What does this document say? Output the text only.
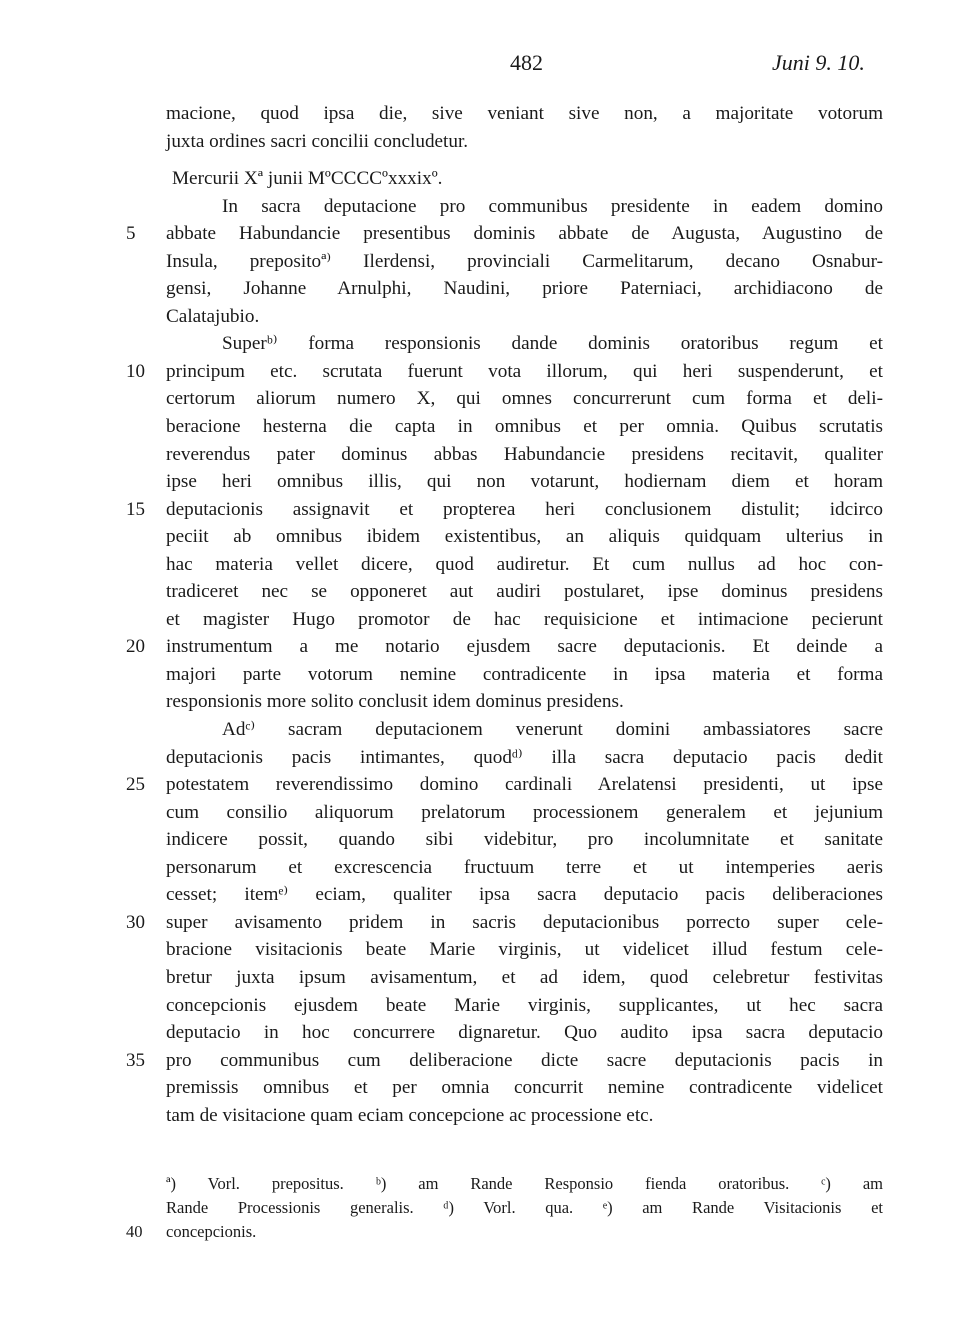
482	Juni 9. 10.
macione, quod ipsa die, sive veniant sive non, a majoritate votorum
juxta ordines sacri concilii concludetur.
Mercurii Xª junii MºCCCCºxxxixº.
In sacra deputacione pro communibus presidente in eadem domino
5 abbate Habundancie presentibus dominis abbate de Augusta, Augustino de
Insula, prepositoª⁾ Ilerdensi, provinciali Carmelitarum, decano Osnabur-
gensi, Johanne Arnulphi, Naudini, priore Paterniaci, archidiacono de
Calatajubio.
Superᵇ⁾ forma responsionis dande dominis oratoribus regum et
10 principum etc. scrutata fuerunt vota illorum, qui heri suspenderunt, et
certorum aliorum numero X, qui omnes concurrerunt cum forma et deli-
beracione hesterna die capta in omnibus et per omnia. Quibus scrutatis
reverendus pater dominus abbas Habundancie presidens recitavit, qualiter
ipse heri omnibus illis, qui non votarunt, hodiernam diem et horam
15 deputacionis assignavit et propterea heri conclusionem distulit; idcirco
peciit ab omnibus ibidem existentibus, an aliquis quidquam ulterius in
hac materia vellet dicere, quod audiretur. Et cum nullus ad hoc con-
tradiceret nec se opponeret aut audiri postularet, ipse dominus presidens
et magister Hugo promotor de hac requisicione et intimacione pecierunt
20 instrumentum a me notario ejusdem sacre deputacionis. Et deinde a
majori parte votorum nemine contradicente in ipsa materia et forma
responsionis more solito conclusit idem dominus presidens.
Adᶜ⁾ sacram deputacionem venerunt domini ambassiatores sacre
deputacionis pacis intimantes, quodᵈ⁾ illa sacra deputacio pacis dedit
25 potestatem reverendissimo domino cardinali Arelatensi presidenti, ut ipse
cum consilio aliquorum prelatorum processionem generalem et jejunium
indicere possit, quando sibi videbitur, pro incolumnitate et sanitate
personarum et excrescencia fructuum terre et ut intemperies aeris
cesset; itemᵉ⁾ eciam, qualiter ipsa sacra deputacio pacis deliberaciones
30 super avisamento pridem in sacris deputacionibus porrecto super cele-
bracione visitacionis beate Marie virginis, ut videlicet illud festum cele-
bretur juxta ipsum avisamentum, et ad idem, quod celebretur festivitas
concepcionis ejusdem beate Marie virginis, supplicantes, ut hec sacra
deputacio in hoc concurrere dignaretur. Quo audito ipsa sacra deputacio
35 pro communibus cum deliberacione dicte sacre deputacionis pacis in
premissis omnibus et per omnia concurrit nemine contradicente videlicet
tam de visitacione quam eciam concepcione ac processione etc.
ª) Vorl. prepositus. ᵇ) am Rande Responsio fienda oratoribus. ᶜ) am
Rande Processionis generalis. ᵈ) Vorl. qua. ᵉ) am Rande Visitacionis et
40 concepcionis.
